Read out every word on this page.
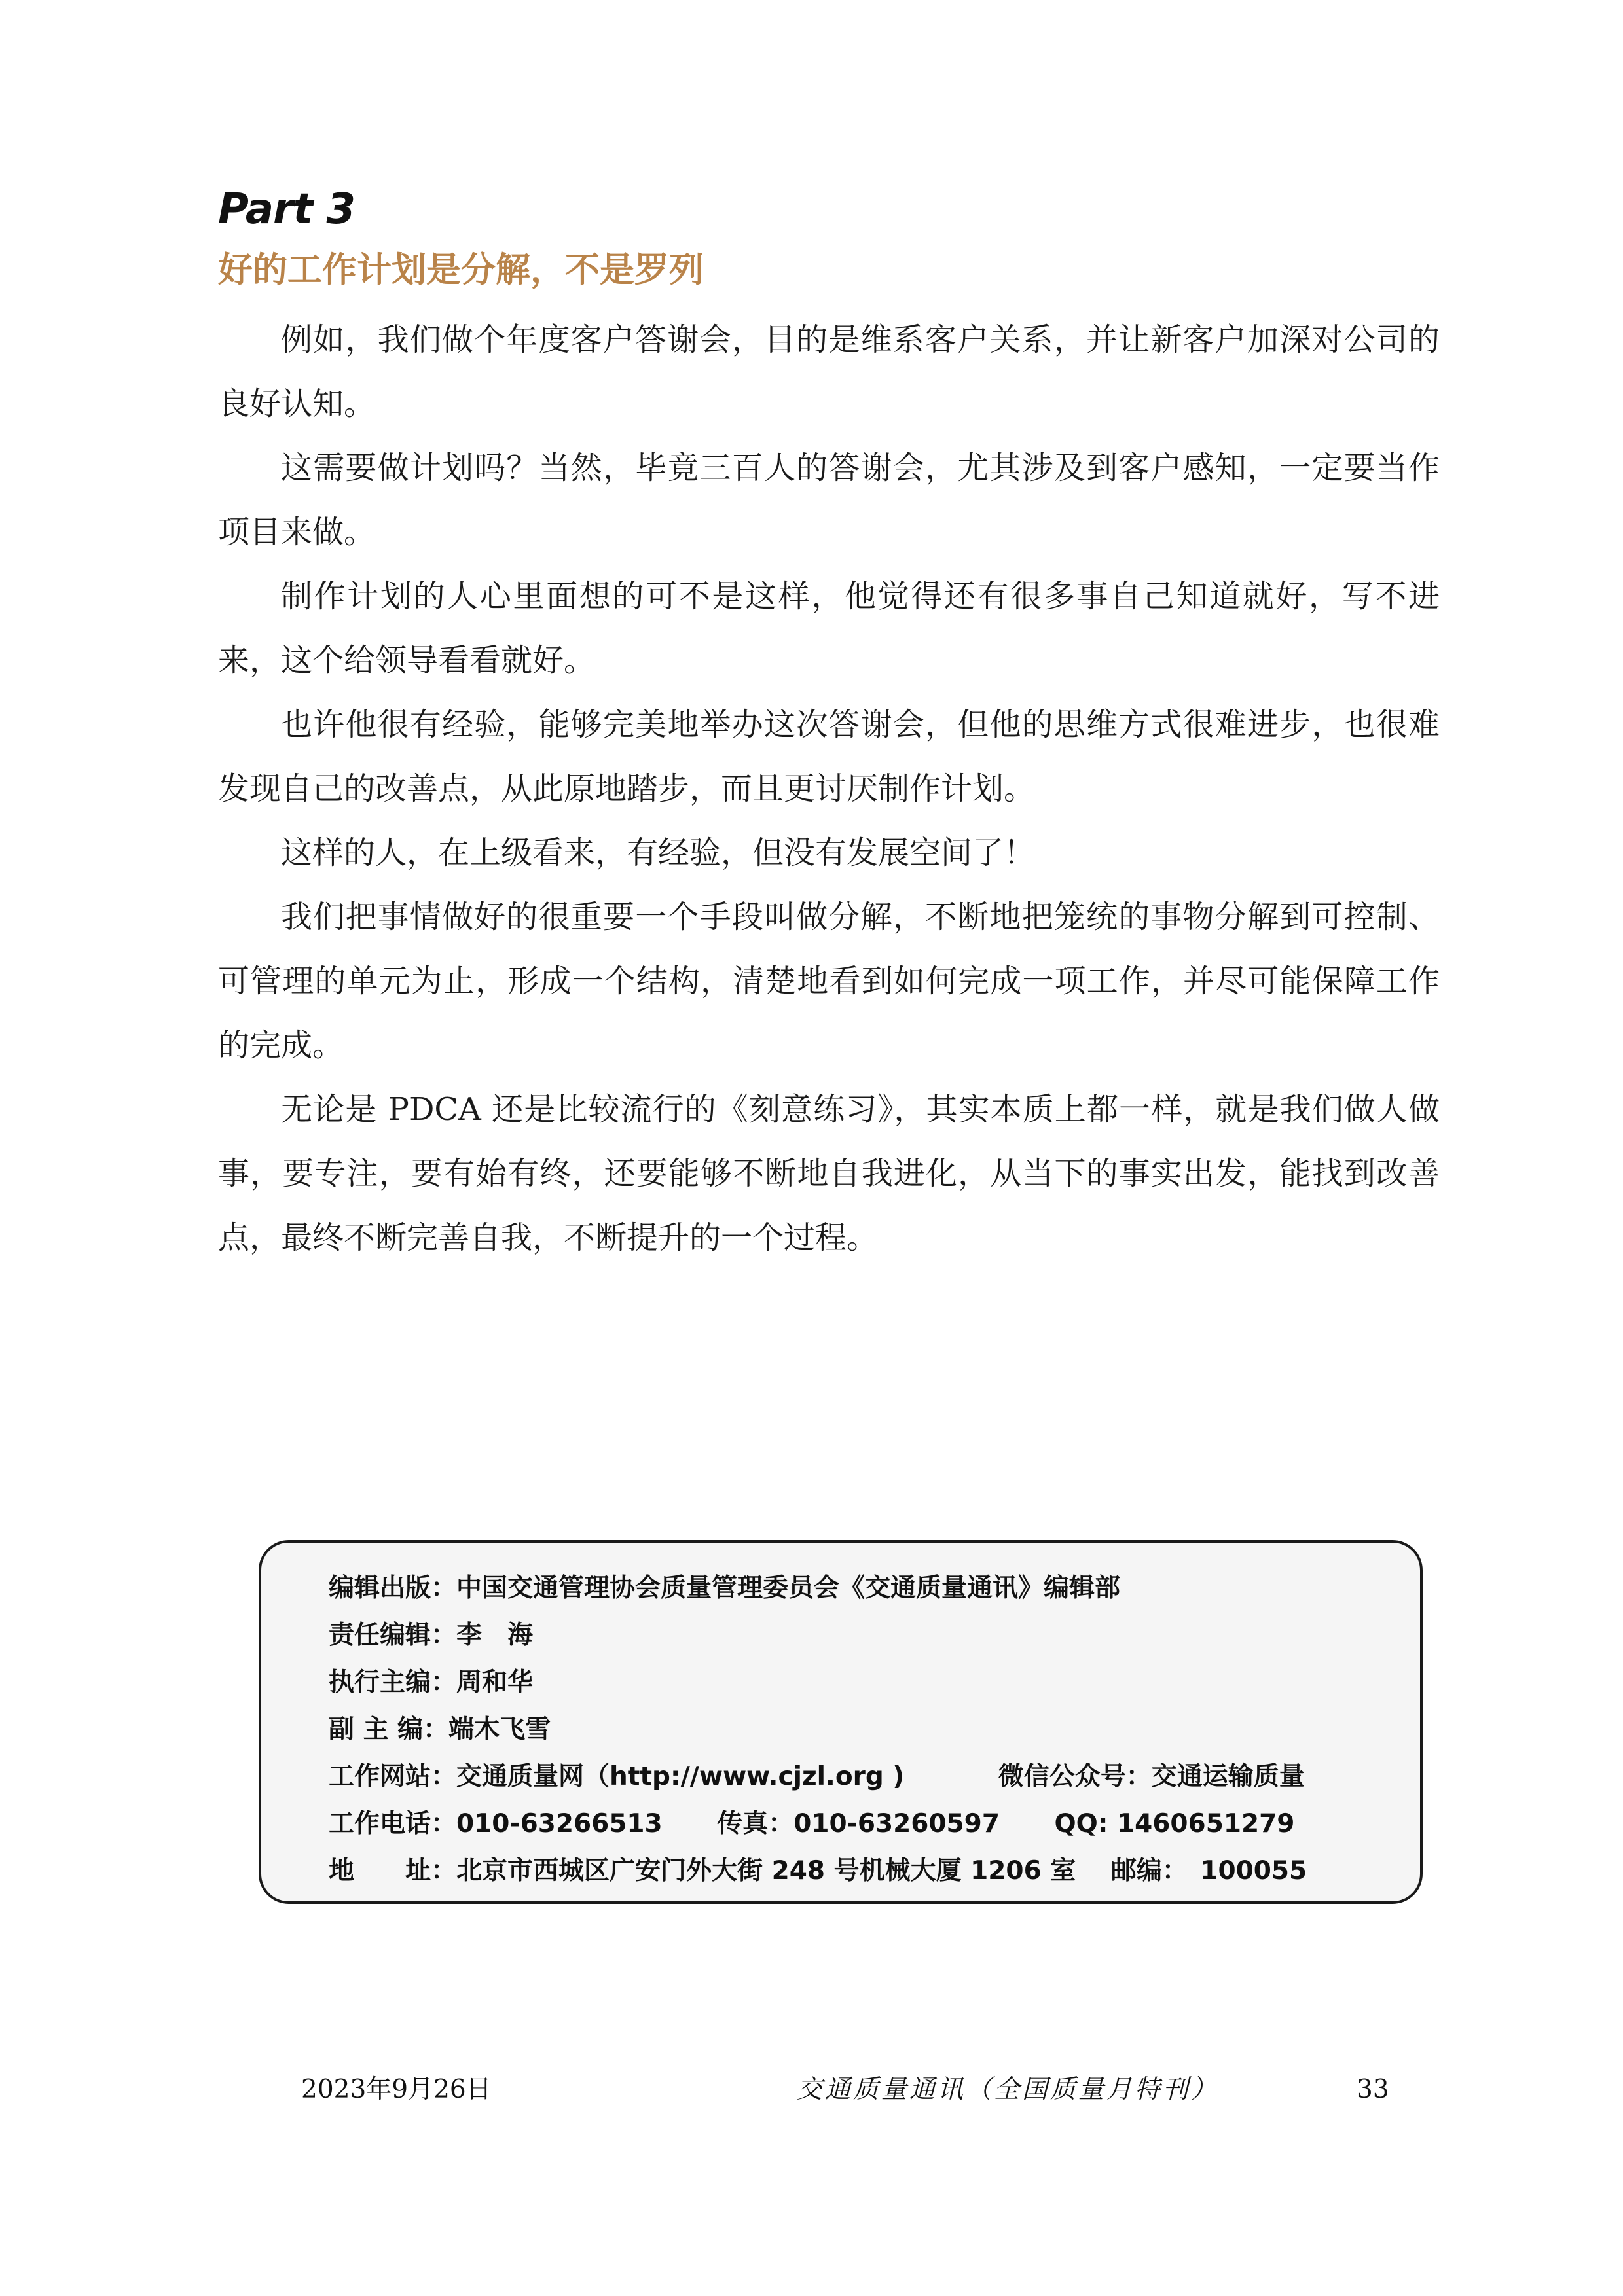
Part 3
好的工作计划是分解，不是罗列

例如，我们做个年度客户答谢会，目的是维系客户关系，并让新客户加深对公司的良好认知。

这需要做计划吗？当然，毕竟三百人的答谢会，尤其涉及到客户感知，一定要当作项目来做。

制作计划的人心里面想的可不是这样，他觉得还有很多事自己知道就好，写不进来，这个给领导看看就好。

也许他很有经验，能够完美地举办这次答谢会，但他的思维方式很难进步，也很难发现自己的改善点，从此原地踏步，而且更讨厌制作计划。

这样的人，在上级看来，有经验，但没有发展空间了！

我们把事情做好的很重要一个手段叫做分解，不断地把笼统的事物分解到可控制、可管理的单元为止，形成一个结构，清楚地看到如何完成一项工作，并尽可能保障工作的完成。

无论是 PDCA 还是比较流行的《刻意练习》，其实本质上都一样，就是我们做人做事，要专注，要有始有终，还要能够不断地自我进化，从当下的事实出发，能找到改善点，最终不断完善自我，不断提升的一个过程。

编辑出版：中国交通管理协会质量管理委员会《交通质量通讯》编辑部
责任编辑：李　海
执行主编：周和华
副 主 编：端木飞雪
工作网站：交通质量网（http://www.cjzl.org )	微信公众号：交通运输质量
工作电话：010-63266513 传真：010-63260597 QQ: 1460651279
地　　址：北京市西城区广安门外大街 248 号机械大厦 1206 室 邮编：　100055
2023年9月26日	交通质量通讯（全国质量月特刊）	33
